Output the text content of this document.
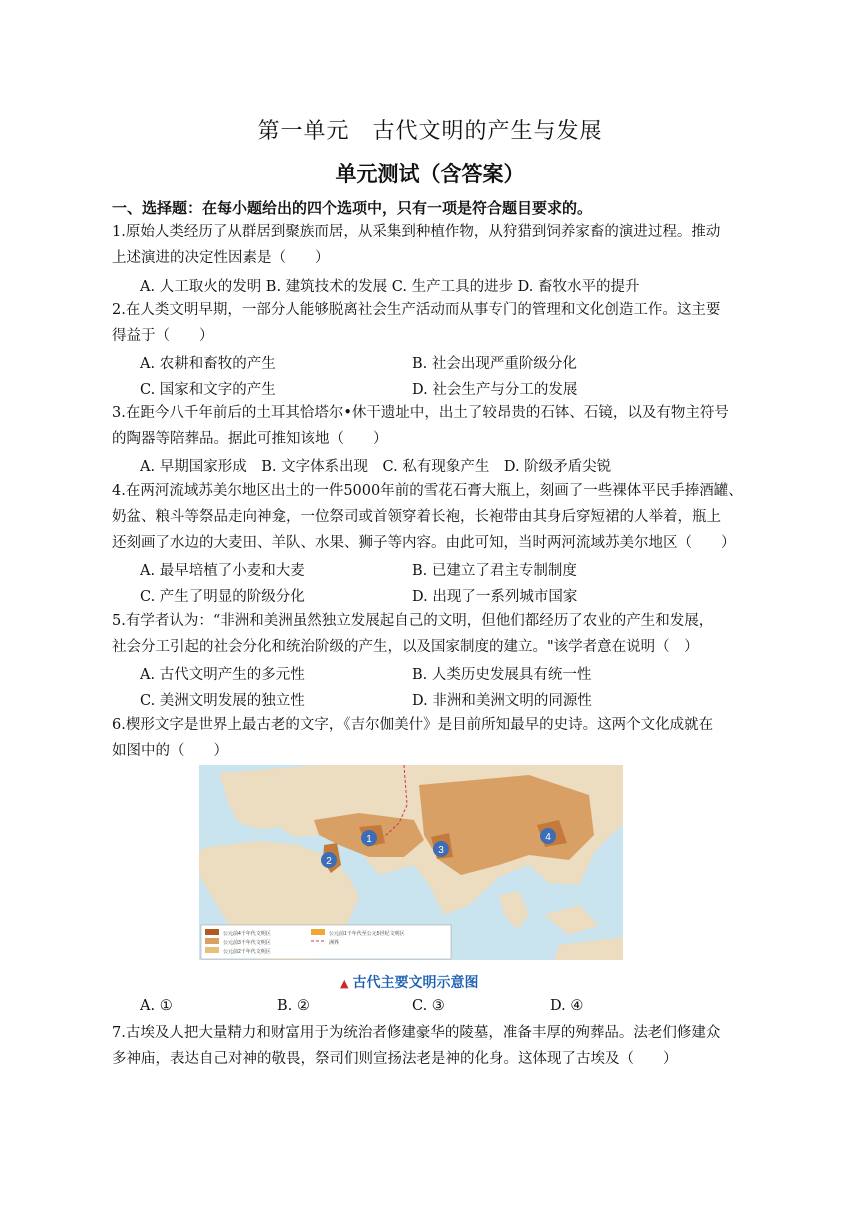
第一单元　古代文明的产生与发展
单元测试（含答案）
一、选择题：在每小题给出的四个选项中，只有一项是符合题目要求的。
1.原始人类经历了从群居到聚族而居，从采集到种植作物，从狩猎到饲养家畜的演进过程。推动
上述演进的决定性因素是（　　）
A. 人工取火的发明 B. 建筑技术的发展 C. 生产工具的进步 D. 畜牧水平的提升
2.在人类文明早期，一部分人能够脱离社会生产活动而从事专门的管理和文化创造工作。这主要
得益于（　　）
A. 农耕和畜牧的产生	B. 社会出现严重阶级分化
C. 国家和文字的产生	D. 社会生产与分工的发展
3.在距今八千年前后的土耳其恰塔尔•休干遗址中，出土了较昂贵的石钵、石镜，以及有物主符号
的陶器等陪葬品。据此可推知该地（　　）
A. 早期国家形成　B. 文字体系出现　C. 私有现象产生　D. 阶级矛盾尖锐
4.在两河流域苏美尔地区出土的一件5000年前的雪花石膏大瓶上，刻画了一些裸体平民手捧酒罐、
奶盆、粮斗等祭品走向神龛，一位祭司或首领穿着长袍，长袍带由其身后穿短裙的人举着，瓶上
还刻画了水边的大麦田、羊队、水果、狮子等内容。由此可知，当时两河流域苏美尔地区（　　）
A. 最早培植了小麦和大麦	B. 已建立了君主专制制度
C. 产生了明显的阶级分化	D. 出现了一系列城市国家
5.有学者认为：“非洲和美洲虽然独立发展起自己的文明，但他们都经历了农业的产生和发展，
社会分工引起的社会分化和统治阶级的产生，以及国家制度的建立。"该学者意在说明（　）
A. 古代文明产生的多元性	B. 人类历史发展具有统一性
C. 美洲文明发展的独立性	D. 非洲和美洲文明的同源性
6.楔形文字是世界上最古老的文字，《吉尔伽美什》是目前所知最早的史诗。这两个文化成就在
如图中的（　　）
1
2
3
4
公元前4千年代文明区
公元前3千年代文明区
公元前2千年代文明区
公元前1千年代至公元5世纪文明区
洲界
▲ 古代主要文明示意图
A. ①	B. ②	C. ③	D. ④
7.古埃及人把大量精力和财富用于为统治者修建豪华的陵墓，准备丰厚的殉葬品。法老们修建众
多神庙，表达自己对神的敬畏，祭司们则宣扬法老是神的化身。这体现了古埃及（　　）
